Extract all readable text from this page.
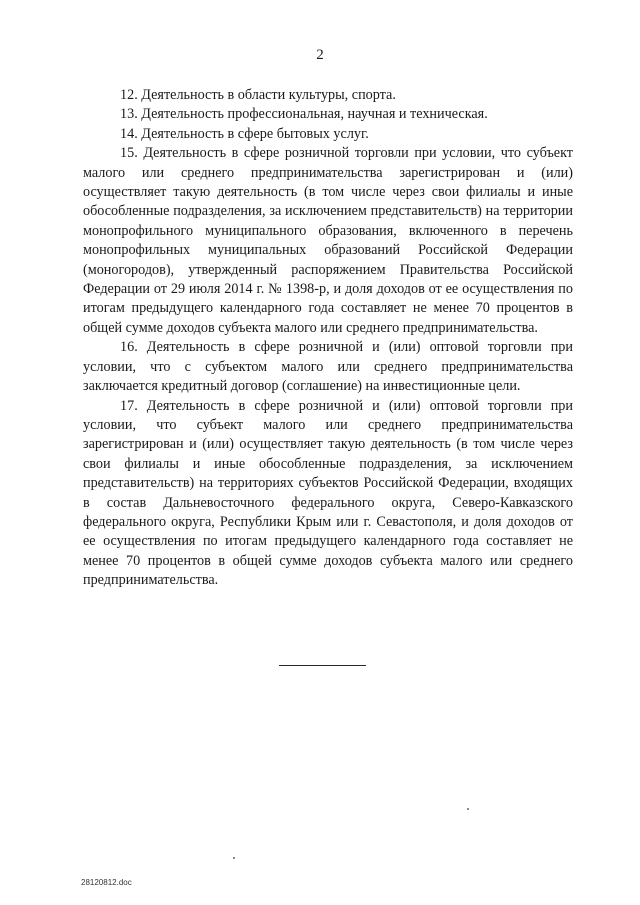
2

12. Деятельность в области культуры, спорта.

13. Деятельность профессиональная, научная и техническая.

14. Деятельность в сфере бытовых услуг.

15. Деятельность в сфере розничной торговли при условии, что субъект малого или среднего предпринимательства зарегистрирован и (или) осуществляет такую деятельность (в том числе через свои филиалы и иные обособленные подразделения, за исключением представительств) на территории монопрофильного муниципального образования, включенного в перечень монопрофильных муниципальных образований Российской Федерации (моногородов), утвержденный распоряжением Правительства Российской Федерации от 29 июля 2014 г. № 1398-р, и доля доходов от ее осуществления по итогам предыдущего календарного года составляет не менее 70 процентов в общей сумме доходов субъекта малого или среднего предпринимательства.

16. Деятельность в сфере розничной и (или) оптовой торговли при условии, что с субъектом малого или среднего предпринимательства заключается кредитный договор (соглашение) на инвестиционные цели.

17. Деятельность в сфере розничной и (или) оптовой торговли при условии, что субъект малого или среднего предпринимательства зарегистрирован и (или) осуществляет такую деятельность (в том числе через свои филиалы и иные обособленные подразделения, за исключением представительств) на территориях субъектов Российской Федерации, входящих в состав Дальневосточного федерального округа, Северо-Кавказского федерального округа, Республики Крым или г. Севастополя, и доля доходов от ее осуществления по итогам предыдущего календарного года составляет не менее 70 процентов в общей сумме доходов субъекта малого или среднего предпринимательства.

28120812.doc
